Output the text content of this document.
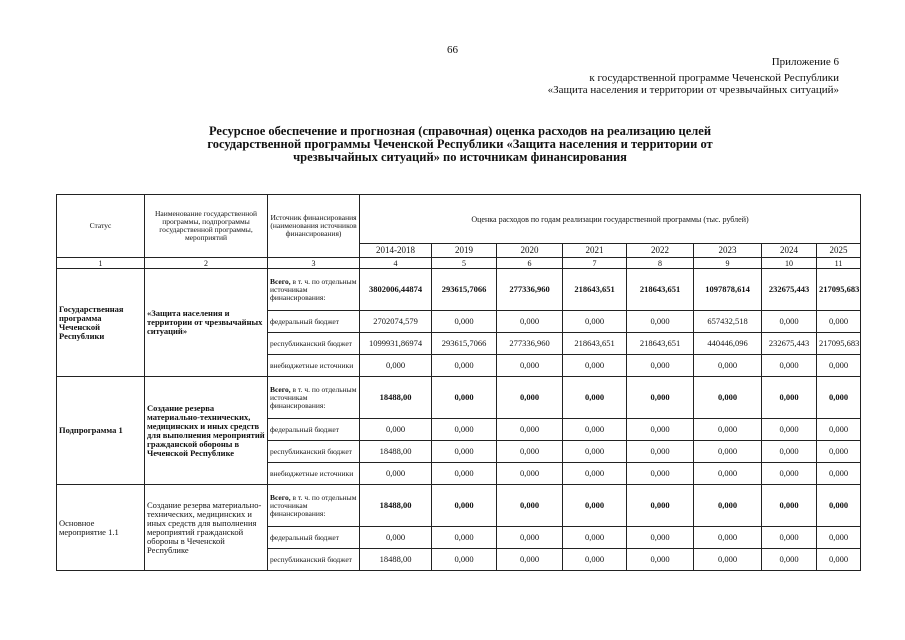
66
Приложение 6
к государственной программе Чеченской Республики
«Защита населения и территории от чрезвычайных ситуаций»
Ресурсное обеспечение и прогнозная (справочная) оценка расходов на реализацию целей
государственной программы Чеченской Республики «Защита населения и территории от
чрезвычайных ситуаций» по источникам финансирования
Статус	Наименование государственной программы, подпрограммы государственной программы, мероприятий	Источник финансирования (наименования источников финансирования)	Оценка расходов по годам реализации государственной программы (тыс. рублей)							
			2014-2018	2019	2020	2021	2022	2023	2024	2025
1	2	3	4	5	6	7	8	9	10	11
Государственная программа Чеченской Республики	«Защита населения и территории от чрезвычайных ситуаций»	Всего, в т. ч. по отдельным источникам финансирования:	3802006,44874	293615,7066	277336,960	218643,651	218643,651	1097878,614	232675,443	217095,683
		федеральный бюджет	2702074,579	0,000	0,000	0,000	0,000	657432,518	0,000	0,000
		республиканский бюджет	1099931,86974	293615,7066	277336,960	218643,651	218643,651	440446,096	232675,443	217095,683
		внебюджетные источники	0,000	0,000	0,000	0,000	0,000	0,000	0,000	0,000
Подпрограмма 1	Создание резерва материально-технических, медицинских и иных средств для выполнения мероприятий гражданской обороны в Чеченской Республике	Всего, в т. ч. по отдельным источникам финансирования:	18488,00	0,000	0,000	0,000	0,000	0,000	0,000	0,000
		федеральный бюджет	0,000	0,000	0,000	0,000	0,000	0,000	0,000	0,000
		республиканский бюджет	18488,00	0,000	0,000	0,000	0,000	0,000	0,000	0,000
		внебюджетные источники	0,000	0,000	0,000	0,000	0,000	0,000	0,000	0,000
Основное мероприятие 1.1	Создание резерва материально-технических, медицинских и иных средств для выполнения мероприятий гражданской обороны в Чеченской Республике	Всего, в т. ч. по отдельным источникам финансирования:	18488,00	0,000	0,000	0,000	0,000	0,000	0,000	0,000
		федеральный бюджет	0,000	0,000	0,000	0,000	0,000	0,000	0,000	0,000
		республиканский бюджет	18488,00	0,000	0,000	0,000	0,000	0,000	0,000	0,000
